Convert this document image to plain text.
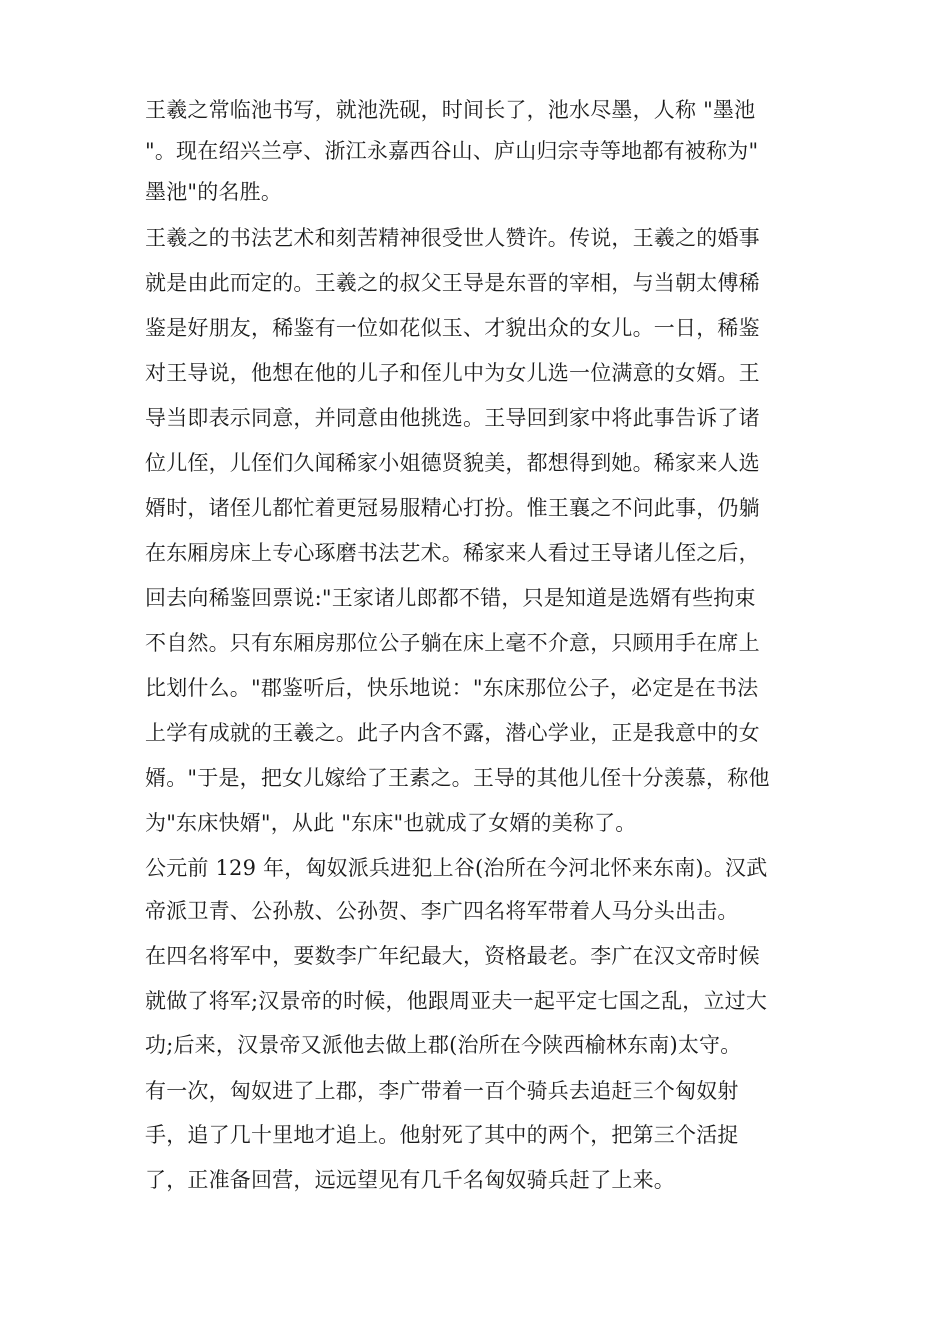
王羲之常临池书写，就池洗砚，时间长了，池水尽墨，人称 "墨池
"。现在绍兴兰亭、浙江永嘉西谷山、庐山归宗寺等地都有被称为"
墨池"的名胜。
王羲之的书法艺术和刻苦精神很受世人赞许。传说，王羲之的婚事
就是由此而定的。王羲之的叔父王导是东晋的宰相，与当朝太傅稀
鉴是好朋友，稀鉴有一位如花似玉、才貌出众的女儿。一日，稀鉴
对王导说，他想在他的儿子和侄儿中为女儿选一位满意的女婿。王
导当即表示同意，并同意由他挑选。王导回到家中将此事告诉了诸
位儿侄，儿侄们久闻稀家小姐德贤貌美，都想得到她。稀家来人选
婿时，诸侄儿都忙着更冠易服精心打扮。惟王襄之不问此事，仍躺
在东厢房床上专心琢磨书法艺术。稀家来人看过王导诸儿侄之后，
回去向稀鉴回票说:"王家诸儿郎都不错，只是知道是选婿有些拘束
不自然。只有东厢房那位公子躺在床上毫不介意，只顾用手在席上
比划什么。"郡鉴听后，快乐地说："东床那位公子，必定是在书法
上学有成就的王羲之。此子内含不露，潜心学业，正是我意中的女
婿。"于是，把女儿嫁给了王素之。王导的其他儿侄十分羡慕，称他
为"东床快婿"，从此 "东床"也就成了女婿的美称了。
公元前 129 年，匈奴派兵进犯上谷(治所在今河北怀来东南)。汉武
帝派卫青、公孙敖、公孙贺、李广四名将军带着人马分头出击。
在四名将军中，要数李广年纪最大，资格最老。李广在汉文帝时候
就做了将军;汉景帝的时候，他跟周亚夫一起平定七国之乱，立过大
功;后来，汉景帝又派他去做上郡(治所在今陕西榆林东南)太守。
有一次，匈奴进了上郡，李广带着一百个骑兵去追赶三个匈奴射
手，追了几十里地才追上。他射死了其中的两个，把第三个活捉
了，正准备回营，远远望见有几千名匈奴骑兵赶了上来。
